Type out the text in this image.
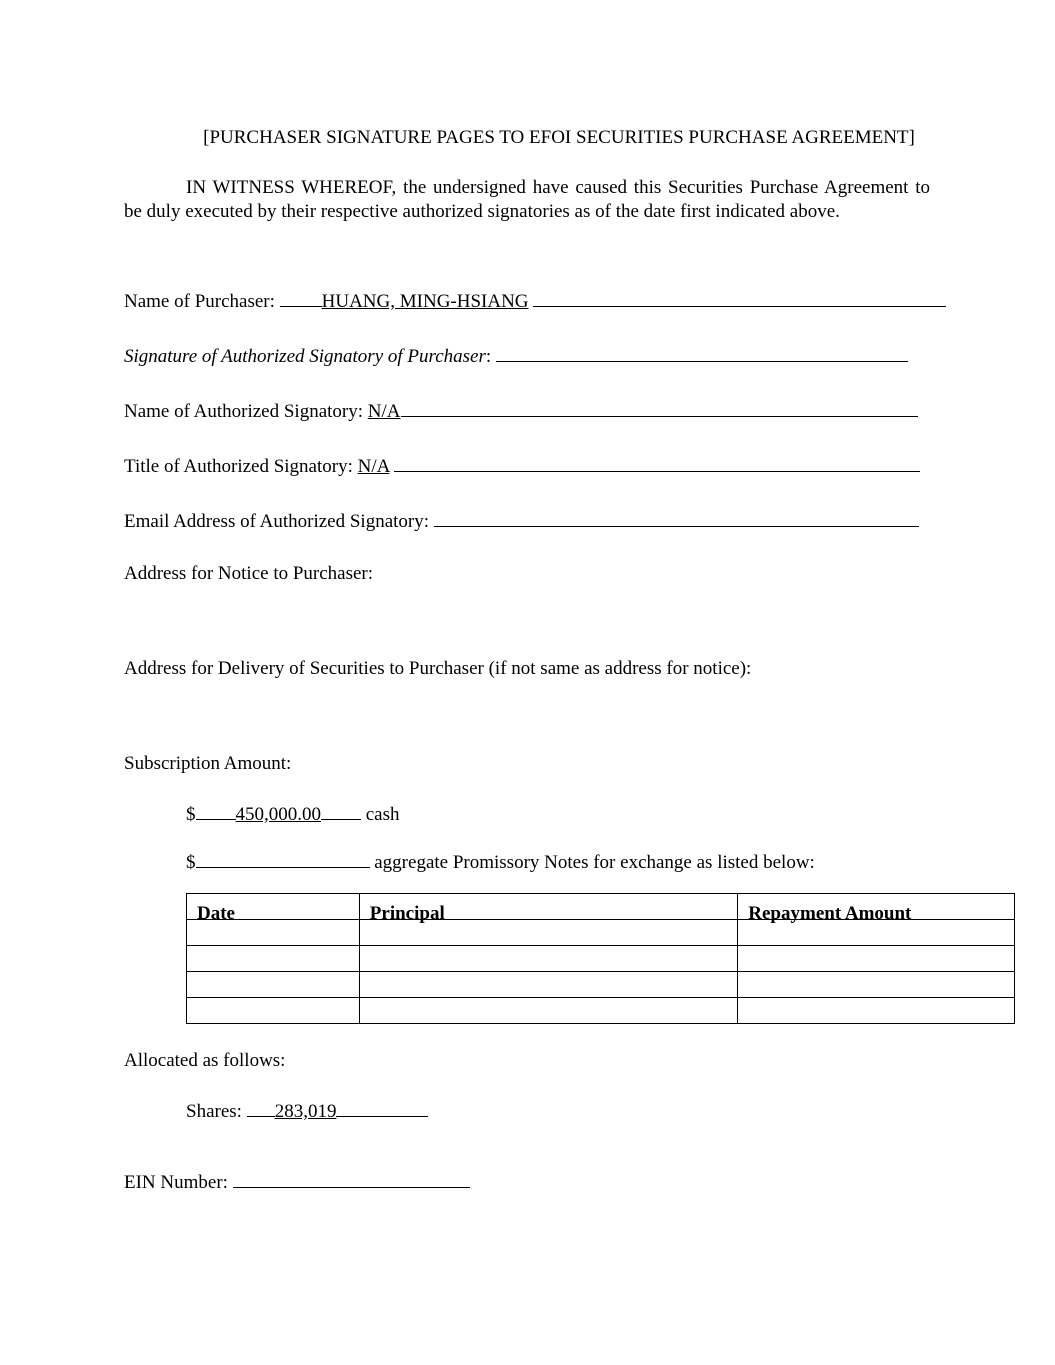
[PURCHASER SIGNATURE PAGES TO EFOI SECURITIES PURCHASE AGREEMENT]
IN WITNESS WHEREOF, the undersigned have caused this Securities Purchase Agreement to be duly executed by their respective authorized signatories as of the date first indicated above.
Name of Purchaser: HUANG, MING-HSIANG
Signature of Authorized Signatory of Purchaser:
Name of Authorized Signatory: N/A
Title of Authorized Signatory: N/A
Email Address of Authorized Signatory:
Address for Notice to Purchaser:
Address for Delivery of Securities to Purchaser (if not same as address for notice):
Subscription Amount:
$ 450,000.00 cash
$	aggregate Promissory Notes for exchange as listed below:
Date	Principal	Repayment Amount

Allocated as follows:
Shares: 283,019
EIN Number:
